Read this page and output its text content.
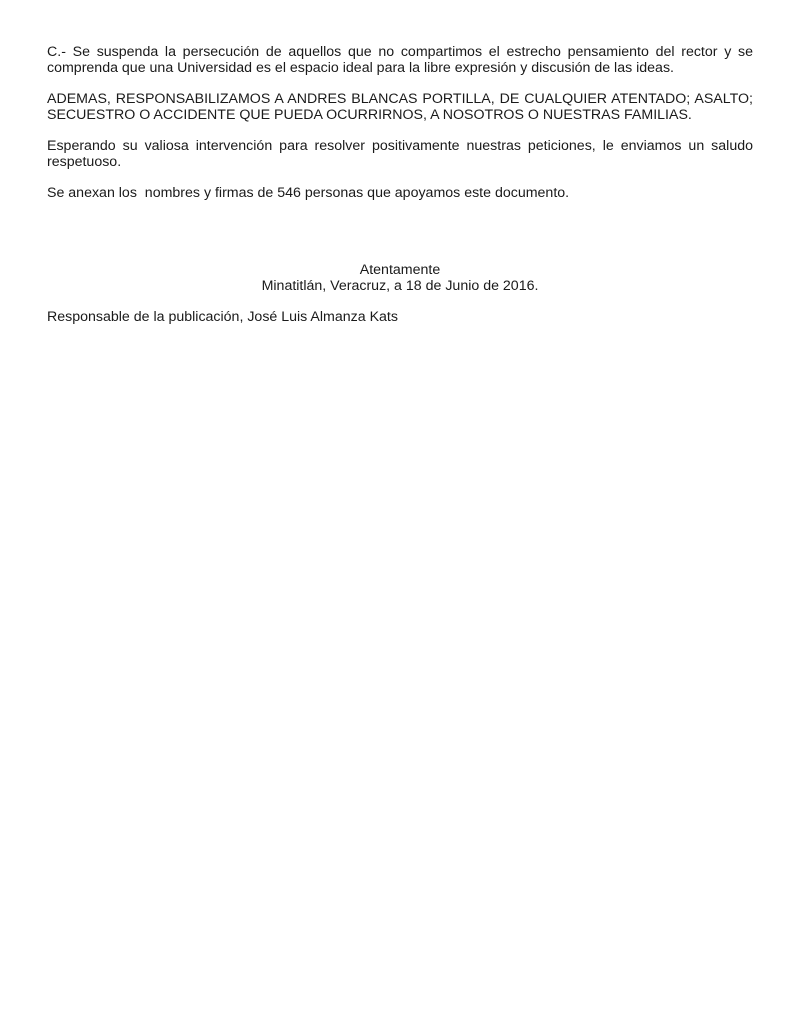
C.- Se suspenda la persecución de aquellos que no compartimos el estrecho pensamiento del rector y se comprenda que una Universidad es el espacio ideal para la libre expresión y discusión de las ideas.

ADEMAS, RESPONSABILIZAMOS A ANDRES BLANCAS PORTILLA, DE CUALQUIER ATENTADO; ASALTO; SECUESTRO O ACCIDENTE QUE PUEDA OCURRIRNOS, A NOSOTROS O NUESTRAS FAMILIAS.

Esperando su valiosa intervención para resolver positivamente nuestras peticiones, le enviamos un saludo respetuoso.

Se anexan los  nombres y firmas de 546 personas que apoyamos este documento.

Atentamente
Minatitlán, Veracruz, a 18 de Junio de 2016.
Responsable de la publicación, José Luis Almanza Kats
